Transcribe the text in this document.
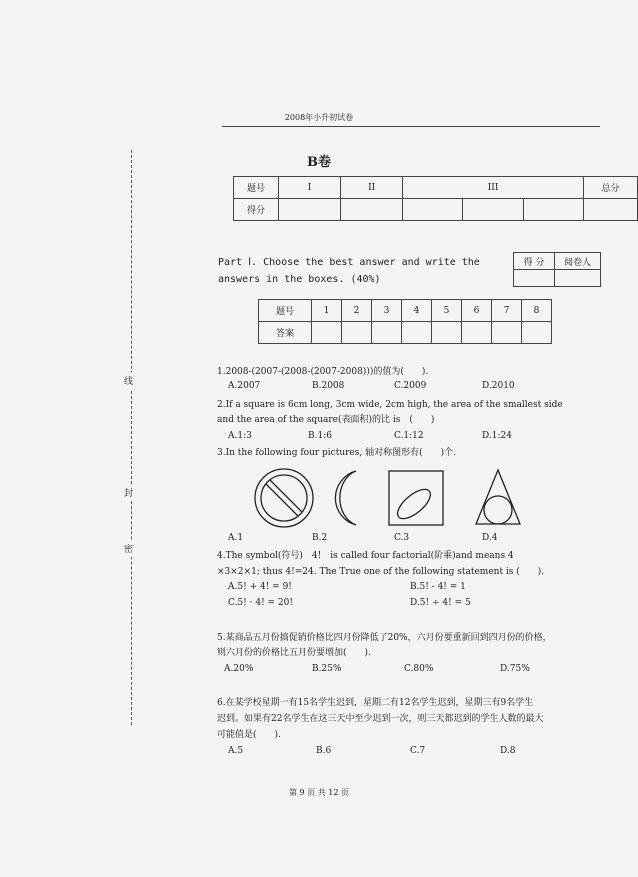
2008年小升初试卷
线
封
密
B卷
题号	I	II	III			总分
得分						
Part Ⅰ. Choose the best answer and write the answers in the boxes. (40%)
得 分	阅卷人

题号	1	2	3	4	5	6	7	8
答案								
1.2008-(2007-(2008-(2007-2008)))的值为(　　).
A.2007	B.2008	C.2009	D.2010
2.If a square is 6cm long, 3cm wide, 2cm high, the area of the smallest side
and the area of the square(表面积)的比 is　(　　)
A.1:3	B.1:6	C.1:12	D.1:24
3.In the following four pictures, 轴对称图形有(　　)个.
A.1	B.2	C.3	D.4
4.The symbol(符号)　4!　is called four factorial(阶乘)and means 4
×3×2×1; thus 4!=24. The True one of the following statement is (　　).
A.5! + 4! = 9!	B.5! - 4! = 1
C.5! · 4! = 20!	D.5! ÷ 4! = 5
5.某商品五月份搞促销价格比四月份降低了20%，六月份要重新回到四月份的价格，
则六月份的价格比五月份要增加(　　).
A.20%	B.25%	C.80%	D.75%
6.在某学校星期一有15名学生迟到，星期二有12名学生迟到，星期三有9名学生
迟到。如果有22名学生在这三天中至少迟到一次，则三天都迟到的学生人数的最大
可能值是(　　).
A.5	B.6	C.7	D.8
第 9 页 共 12 页
